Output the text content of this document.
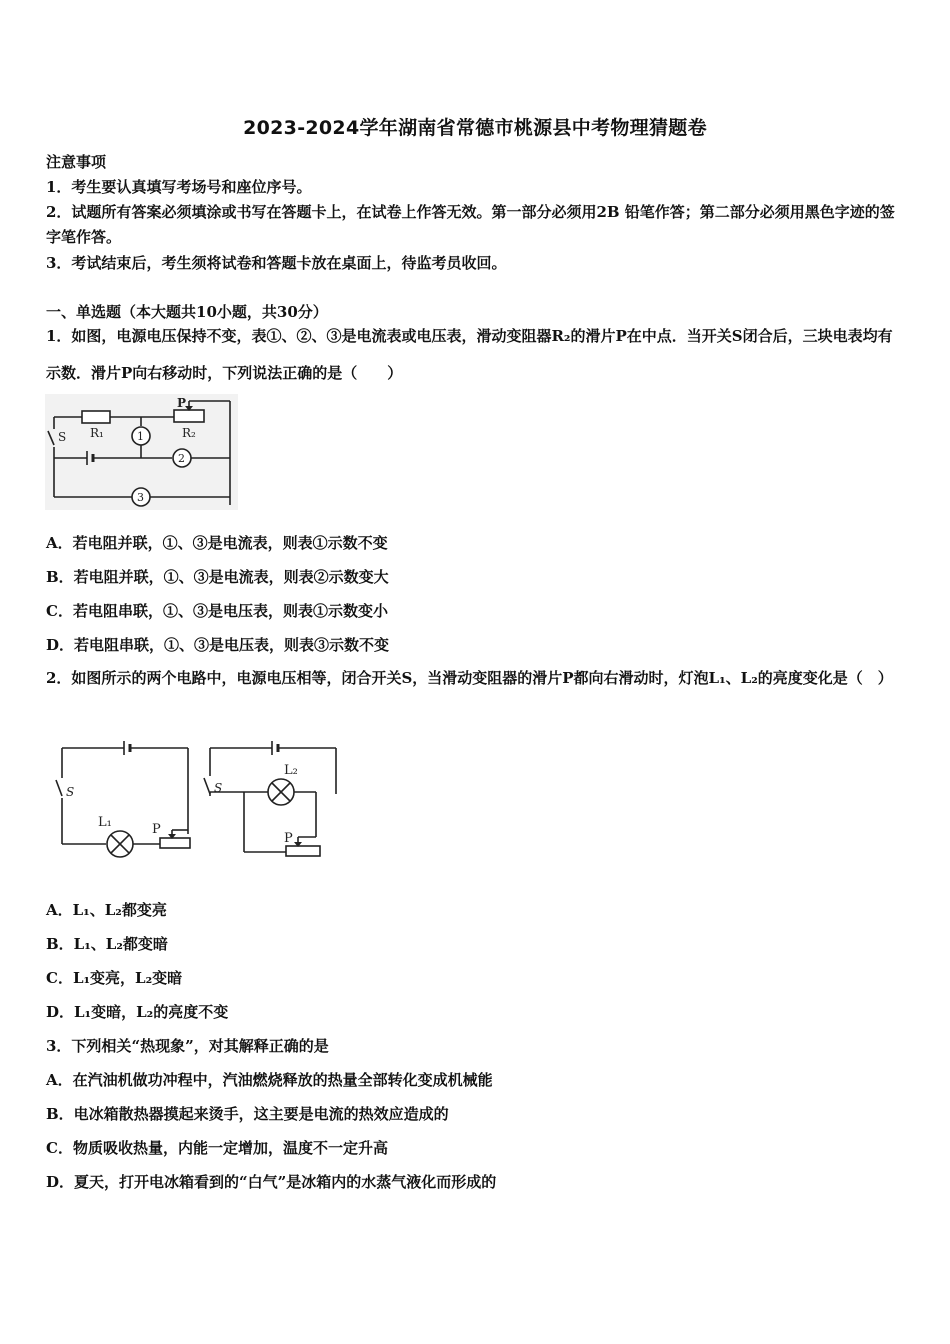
2023-2024学年湖南省常德市桃源县中考物理猜题卷
注意事项
1．考生要认真填写考场号和座位序号。
2．试题所有答案必须填涂或书写在答题卡上，在试卷上作答无效。第一部分必须用2B 铅笔作答；第二部分必须用黑色字迹的签字笔作答。
3．考试结束后，考生须将试卷和答题卡放在桌面上，待监考员收回。
一、单选题（本大题共10小题，共30分）
1．如图，电源电压保持不变，表①、②、③是电流表或电压表，滑动变阻器R₂的滑片P在中点．当开关S闭合后，三块电表均有示数．滑片P向右移动时，下列说法正确的是（　　）
P
S R₁	R₂
1
2
3
A．若电阻并联，①、③是电流表，则表①示数不变
B．若电阻并联，①、③是电流表，则表②示数变大
C．若电阻串联，①、③是电压表，则表①示数变小
D．若电阻串联，①、③是电压表，则表③示数不变
2．如图所示的两个电路中，电源电压相等，闭合开关S，当滑动变阻器的滑片P都向右滑动时，灯泡L₁、L₂的亮度变化是（　）
S
L₁	P
S
L₂
P
A．L₁、L₂都变亮
B．L₁、L₂都变暗
C．L₁变亮，L₂变暗
D．L₁变暗，L₂的亮度不变
3．下列相关“热现象”，对其解释正确的是
A．在汽油机做功冲程中，汽油燃烧释放的热量全部转化变成机械能
B．电冰箱散热器摸起来烫手，这主要是电流的热效应造成的
C．物质吸收热量，内能一定增加，温度不一定升高
D．夏天，打开电冰箱看到的“白气”是冰箱内的水蒸气液化而形成的
